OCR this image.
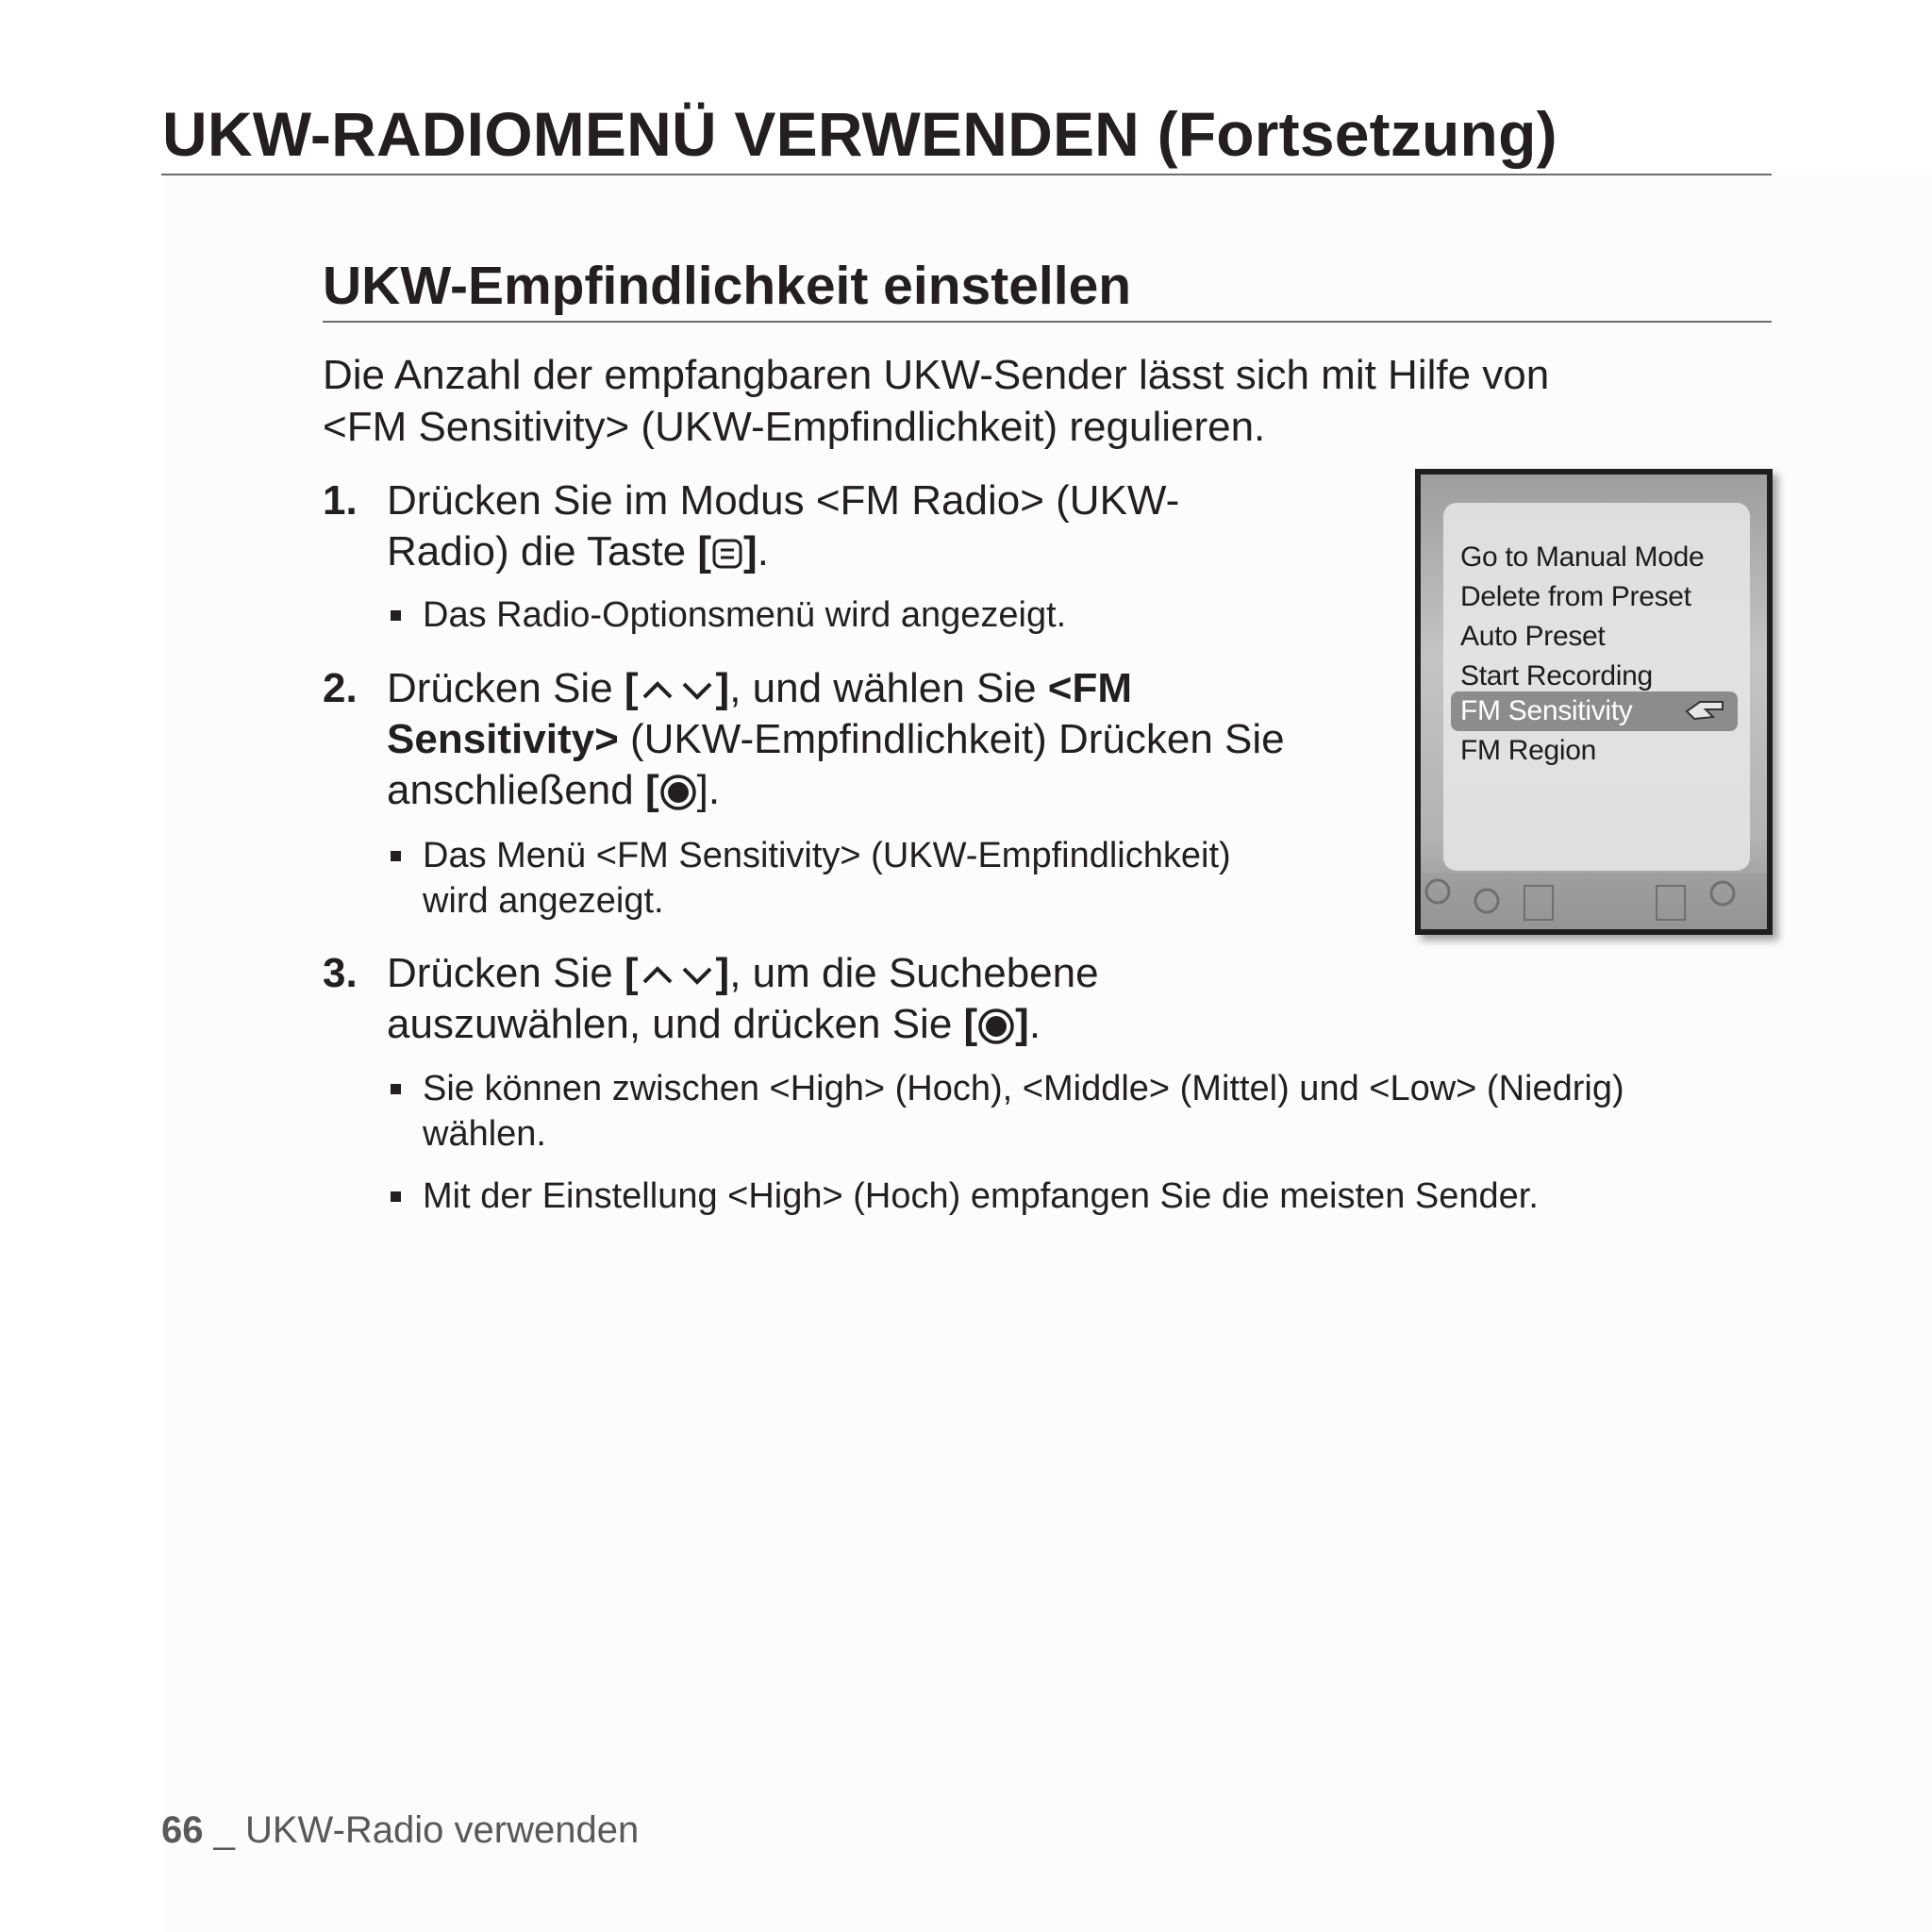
UKW-RADIOMENÜ VERWENDEN (Fortsetzung)
UKW-Empfindlichkeit einstellen

Die Anzahl der empfangbaren UKW-Sender lässt sich mit Hilfe von
<FM Sensitivity> (UKW-Empfindlichkeit) regulieren.

1. Drücken Sie im Modus <FM Radio> (UKW-
Radio) die Taste [ ].
Das Radio-Optionsmenü wird angezeigt.
2. Drücken Sie [ ], und wählen Sie <FM
Sensitivity> (UKW-Empfindlichkeit) Drücken Sie
anschließend [ ].
Das Menü <FM Sensitivity> (UKW-Empfindlichkeit)
wird angezeigt.
3. Drücken Sie [ ], um die Suchebene
auszuwählen, und drücken Sie [ ].
Sie können zwischen <High> (Hoch), <Middle> (Mittel) und <Low> (Niedrig)
wählen.
Mit der Einstellung <High> (Hoch) empfangen Sie die meisten Sender.
Go to Manual Mode
Delete from Preset
Auto Preset
Start Recording
FM Sensitivity
FM Region
66 _ UKW-Radio verwenden
